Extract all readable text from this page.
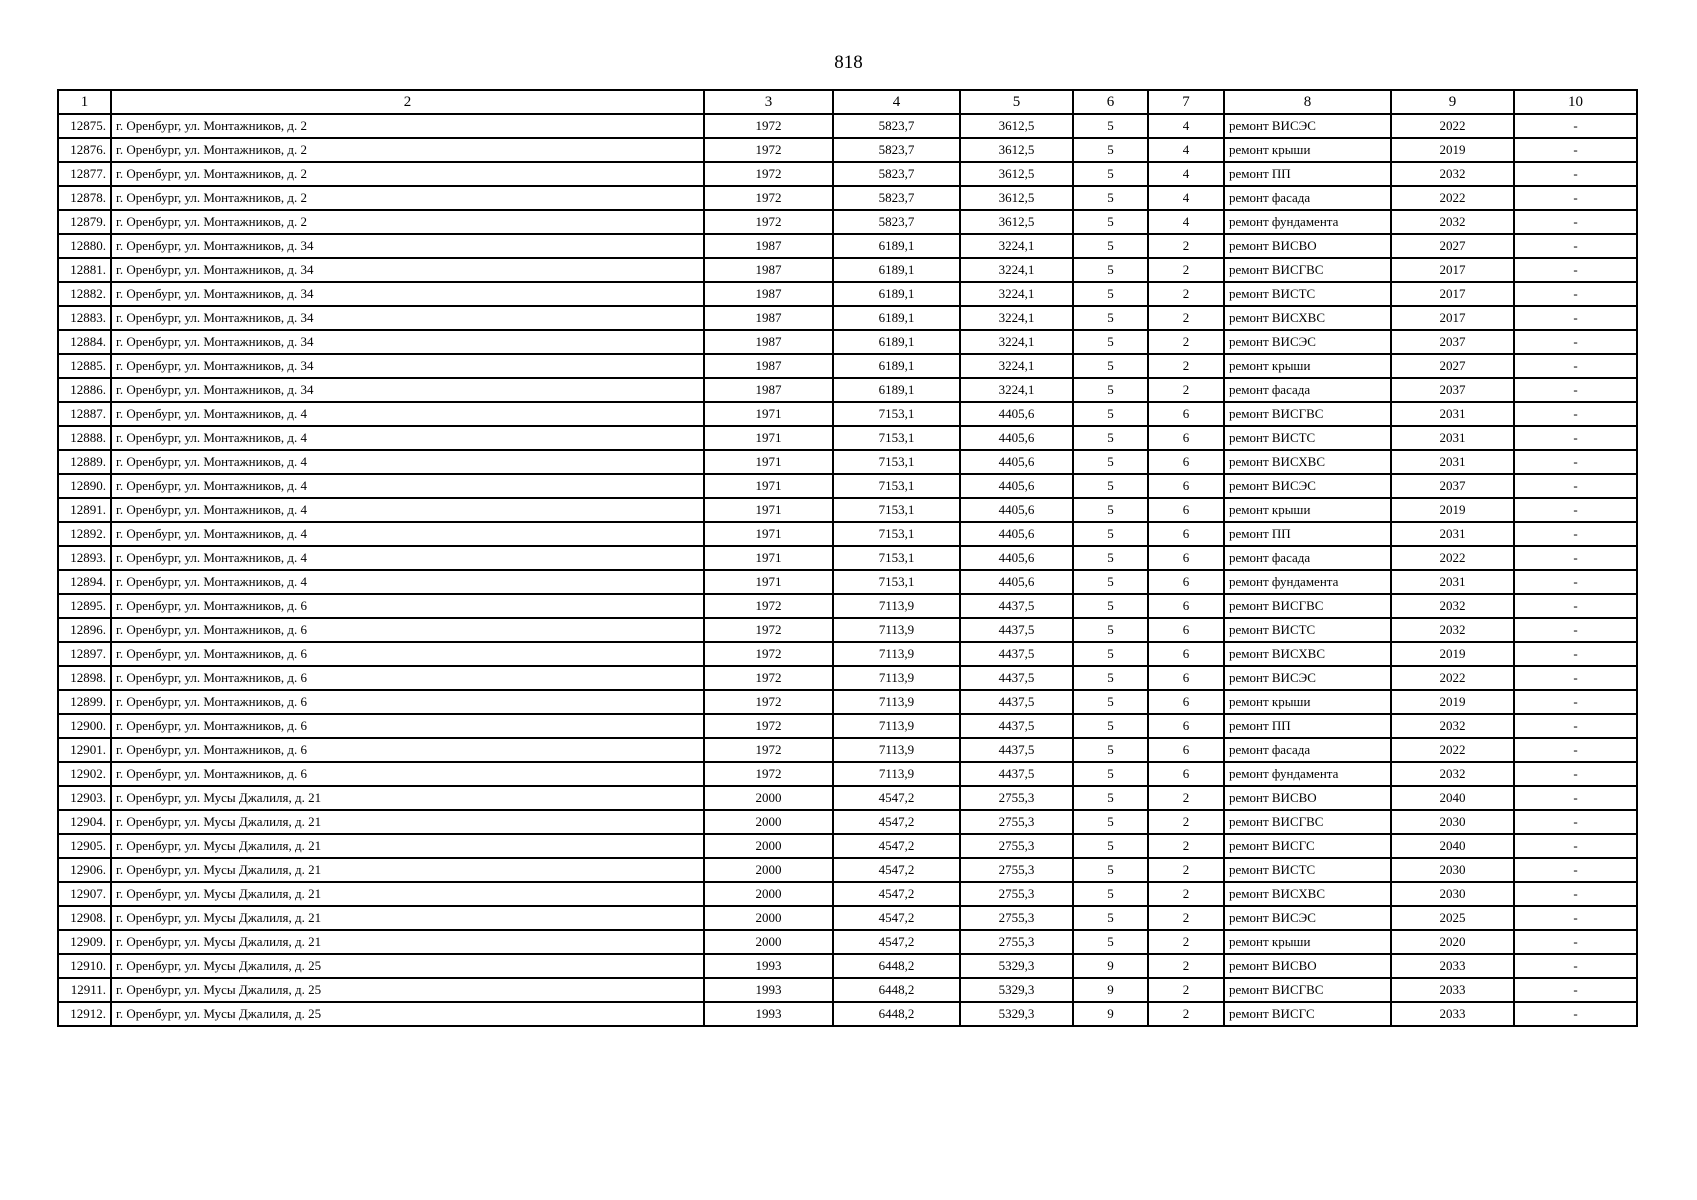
818
1	2	3	4	5	6	7	8	9	10
12875.	г. Оренбург, ул. Монтажников, д. 2	1972	5823,7	3612,5	5	4	ремонт ВИСЭС	2022	-
12876.	г. Оренбург, ул. Монтажников, д. 2	1972	5823,7	3612,5	5	4	ремонт крыши	2019	-
12877.	г. Оренбург, ул. Монтажников, д. 2	1972	5823,7	3612,5	5	4	ремонт ПП	2032	-
12878.	г. Оренбург, ул. Монтажников, д. 2	1972	5823,7	3612,5	5	4	ремонт фасада	2022	-
12879.	г. Оренбург, ул. Монтажников, д. 2	1972	5823,7	3612,5	5	4	ремонт фундамента	2032	-
12880.	г. Оренбург, ул. Монтажников, д. 34	1987	6189,1	3224,1	5	2	ремонт ВИСВО	2027	-
12881.	г. Оренбург, ул. Монтажников, д. 34	1987	6189,1	3224,1	5	2	ремонт ВИСГВС	2017	-
12882.	г. Оренбург, ул. Монтажников, д. 34	1987	6189,1	3224,1	5	2	ремонт ВИСТС	2017	-
12883.	г. Оренбург, ул. Монтажников, д. 34	1987	6189,1	3224,1	5	2	ремонт ВИСХВС	2017	-
12884.	г. Оренбург, ул. Монтажников, д. 34	1987	6189,1	3224,1	5	2	ремонт ВИСЭС	2037	-
12885.	г. Оренбург, ул. Монтажников, д. 34	1987	6189,1	3224,1	5	2	ремонт крыши	2027	-
12886.	г. Оренбург, ул. Монтажников, д. 34	1987	6189,1	3224,1	5	2	ремонт фасада	2037	-
12887.	г. Оренбург, ул. Монтажников, д. 4	1971	7153,1	4405,6	5	6	ремонт ВИСГВС	2031	-
12888.	г. Оренбург, ул. Монтажников, д. 4	1971	7153,1	4405,6	5	6	ремонт ВИСТС	2031	-
12889.	г. Оренбург, ул. Монтажников, д. 4	1971	7153,1	4405,6	5	6	ремонт ВИСХВС	2031	-
12890.	г. Оренбург, ул. Монтажников, д. 4	1971	7153,1	4405,6	5	6	ремонт ВИСЭС	2037	-
12891.	г. Оренбург, ул. Монтажников, д. 4	1971	7153,1	4405,6	5	6	ремонт крыши	2019	-
12892.	г. Оренбург, ул. Монтажников, д. 4	1971	7153,1	4405,6	5	6	ремонт ПП	2031	-
12893.	г. Оренбург, ул. Монтажников, д. 4	1971	7153,1	4405,6	5	6	ремонт фасада	2022	-
12894.	г. Оренбург, ул. Монтажников, д. 4	1971	7153,1	4405,6	5	6	ремонт фундамента	2031	-
12895.	г. Оренбург, ул. Монтажников, д. 6	1972	7113,9	4437,5	5	6	ремонт ВИСГВС	2032	-
12896.	г. Оренбург, ул. Монтажников, д. 6	1972	7113,9	4437,5	5	6	ремонт ВИСТС	2032	-
12897.	г. Оренбург, ул. Монтажников, д. 6	1972	7113,9	4437,5	5	6	ремонт ВИСХВС	2019	-
12898.	г. Оренбург, ул. Монтажников, д. 6	1972	7113,9	4437,5	5	6	ремонт ВИСЭС	2022	-
12899.	г. Оренбург, ул. Монтажников, д. 6	1972	7113,9	4437,5	5	6	ремонт крыши	2019	-
12900.	г. Оренбург, ул. Монтажников, д. 6	1972	7113,9	4437,5	5	6	ремонт ПП	2032	-
12901.	г. Оренбург, ул. Монтажников, д. 6	1972	7113,9	4437,5	5	6	ремонт фасада	2022	-
12902.	г. Оренбург, ул. Монтажников, д. 6	1972	7113,9	4437,5	5	6	ремонт фундамента	2032	-
12903.	г. Оренбург, ул. Мусы Джалиля, д. 21	2000	4547,2	2755,3	5	2	ремонт ВИСВО	2040	-
12904.	г. Оренбург, ул. Мусы Джалиля, д. 21	2000	4547,2	2755,3	5	2	ремонт ВИСГВС	2030	-
12905.	г. Оренбург, ул. Мусы Джалиля, д. 21	2000	4547,2	2755,3	5	2	ремонт ВИСГС	2040	-
12906.	г. Оренбург, ул. Мусы Джалиля, д. 21	2000	4547,2	2755,3	5	2	ремонт ВИСТС	2030	-
12907.	г. Оренбург, ул. Мусы Джалиля, д. 21	2000	4547,2	2755,3	5	2	ремонт ВИСХВС	2030	-
12908.	г. Оренбург, ул. Мусы Джалиля, д. 21	2000	4547,2	2755,3	5	2	ремонт ВИСЭС	2025	-
12909.	г. Оренбург, ул. Мусы Джалиля, д. 21	2000	4547,2	2755,3	5	2	ремонт крыши	2020	-
12910.	г. Оренбург, ул. Мусы Джалиля, д. 25	1993	6448,2	5329,3	9	2	ремонт ВИСВО	2033	-
12911.	г. Оренбург, ул. Мусы Джалиля, д. 25	1993	6448,2	5329,3	9	2	ремонт ВИСГВС	2033	-
12912.	г. Оренбург, ул. Мусы Джалиля, д. 25	1993	6448,2	5329,3	9	2	ремонт ВИСГС	2033	-
